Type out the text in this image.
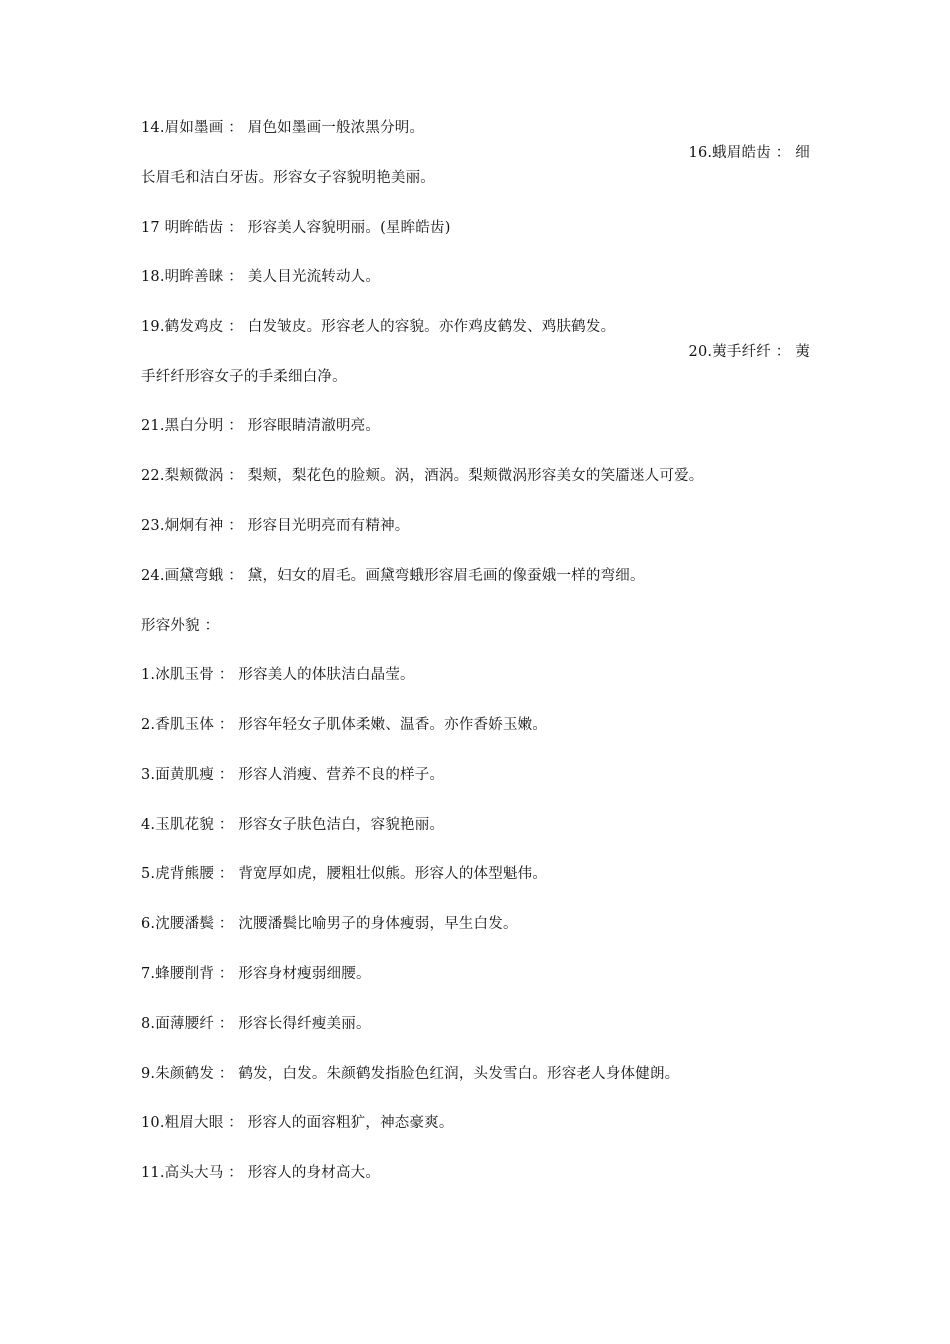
14.眉如墨画 ： 眉色如墨画一般浓黑分明。
16.蛾眉皓齿 ： 细
长眉毛和洁白牙齿。形容女子容貌明艳美丽。
17 明眸皓齿 ： 形容美人容貌明丽。(星眸皓齿)
18.明眸善睐 ： 美人目光流转动人。
19.鹤发鸡皮 ： 白发皱皮。形容老人的容貌。亦作鸡皮鹤发、鸡肤鹤发。
20.荑手纤纤 ： 荑
手纤纤形容女子的手柔细白净。
21.黑白分明 ： 形容眼睛清澈明亮。
22.梨颊微涡 ： 梨颊，梨花色的脸颊。涡，酒涡。梨颊微涡形容美女的笑靥迷人可爱。
23.炯炯有神 ： 形容目光明亮而有精神。
24.画黛弯蛾 ： 黛，妇女的眉毛。画黛弯蛾形容眉毛画的像蚕娥一样的弯细。
形容外貌 ：
1.冰肌玉骨 ： 形容美人的体肤洁白晶莹。
2.香肌玉体 ： 形容年轻女子肌体柔嫩、温香。亦作香娇玉嫩。
3.面黄肌瘦 ： 形容人消瘦、营养不良的样子。
4.玉肌花貌 ： 形容女子肤色洁白，容貌艳丽。
5.虎背熊腰 ： 背宽厚如虎，腰粗壮似熊。形容人的体型魁伟。
6.沈腰潘鬓 ： 沈腰潘鬓比喻男子的身体瘦弱，早生白发。
7.蜂腰削背 ： 形容身材瘦弱细腰。
8.面薄腰纤 ： 形容长得纤瘦美丽。
9.朱颜鹤发 ： 鹤发，白发。朱颜鹤发指脸色红润，头发雪白。形容老人身体健朗。
10.粗眉大眼 ： 形容人的面容粗犷，神态豪爽。
11.高头大马 ： 形容人的身材高大。
